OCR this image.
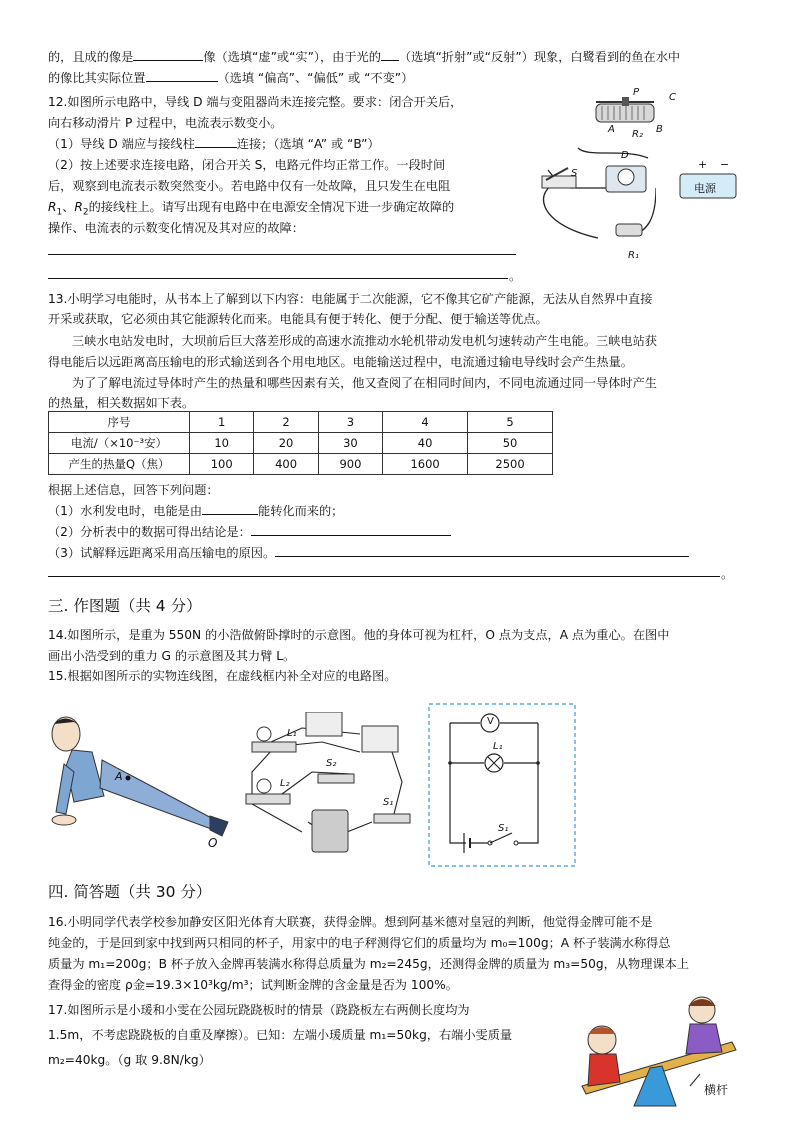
的，且成的像是	像（选填“虚”或“实”），由于光的 （选填“折射”或“反射”）现象，白鹭看到的鱼在水中
的像比其实际位置	（选填 “偏高”、“偏低” 或 “不变”）
12.如图所示电路中，导线 D 端与变阻器尚未连接完整。要求：闭合开关后，
向右移动滑片 P 过程中，电流表示数变小。
（1）导线 D 端应与接线柱	连接；（选填 “A” 或 “B”）
（2）按上述要求连接电路，闭合开关 S，电路元件均正常工作。一段时间
后，观察到电流表示数突然变小。若电路中仅有一处故障，且只发生在电阻
$R_1$、$R_2$的接线柱上。请写出现有电路中在电源安全情况下进一步确定故障的
操作、电流表的示数变化情况及其对应的故障：
。
P	C
A	B
R₂
D
S
+ −
电源
R₁
13.小明学习电能时，从书本上了解到以下内容：电能属于二次能源，它不像其它矿产能源，无法从自然界中直接
开采或获取，它必须由其它能源转化而来。电能具有便于转化、便于分配、便于输送等优点。
三峡水电站发电时，大坝前后巨大落差形成的高速水流推动水轮机带动发电机匀速转动产生电能。三峡电站获
得电能后以远距离高压输电的形式输送到各个用电地区。电能输送过程中，电流通过输电导线时会产生热量。
为了了解电流过导体时产生的热量和哪些因素有关，他又查阅了在相同时间内，不同电流通过同一导体时产生
的热量，相关数据如下表。
序号	1	2	3	4	5
电流/（×10⁻³安）	10	20	30	40	50
产生的热量Q（焦）	100	400	900	1600	2500
根据上述信息，回答下列问题：
（1）水利发电时，电能是由	能转化而来的；
（2）分析表中的数据可得出结论是：
（3）试解释远距离采用高压输电的原因。
。
三. 作图题（共 4 分）
14.如图所示，是重为 550N 的小浩做俯卧撑时的示意图。他的身体可视为杠杆，O 点为支点，A 点为重心。在图中
画出小浩受到的重力 G 的示意图及其力臂 L。
15.根据如图所示的实物连线图，在虚线框内补全对应的电路图。
A
O
L₁
L₂
S₂
S₁
V
L₁
S₁
四. 简答题（共 30 分）
16.小明同学代表学校参加静安区阳光体育大联赛，获得金牌。想到阿基米德对皇冠的判断，他觉得金牌可能不是
纯金的，于是回到家中找到两只相同的杯子，用家中的电子秤测得它们的质量均为 m₀=100g；A 杯子装满水称得总
质量为 m₁=200g；B 杯子放入金牌再装满水称得总质量为 m₂=245g，还测得金牌的质量为 m₃=50g，从物理课本上
查得金的密度 ρ金=19.3×10³kg/m³；试判断金牌的含金量是否为 100%。
17.如图所示是小瑗和小雯在公园玩跷跷板时的情景（跷跷板左右两侧长度均为
1.5m，不考虑跷跷板的自重及摩擦）。已知：左端小瑗质量 m₁=50kg，右端小雯质量
m₂=40kg。（g 取 9.8N/kg）
横杆
